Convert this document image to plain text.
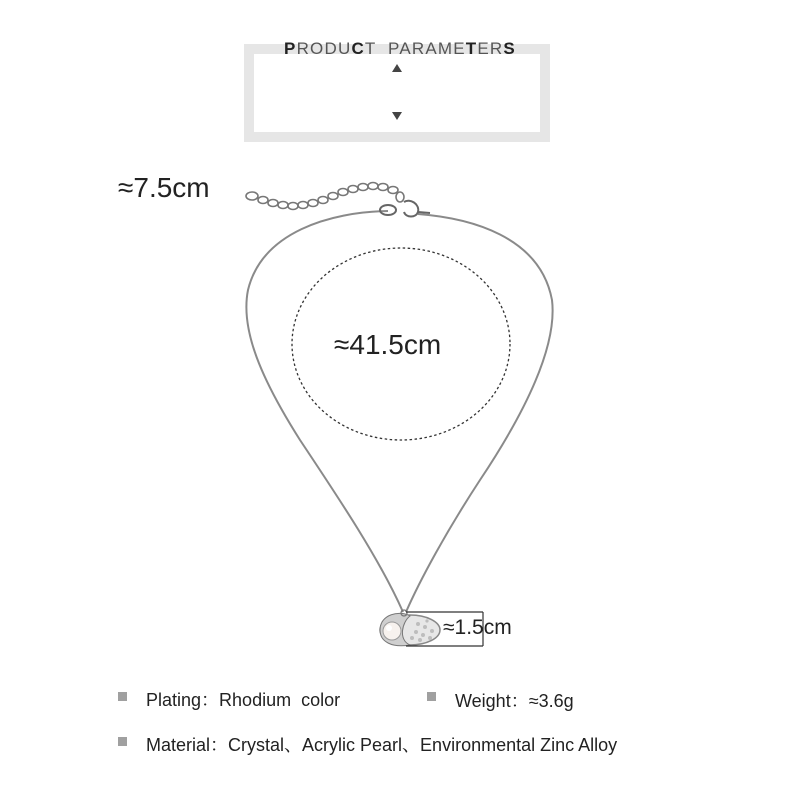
PRODUCT  PARAMETERS
≈7.5cm
≈41.5cm
≈1.5cm
Plating：Rhodium  color	Weight：≈3.6g
Material：Crystal、Acrylic Pearl、Environmental Zinc Alloy
